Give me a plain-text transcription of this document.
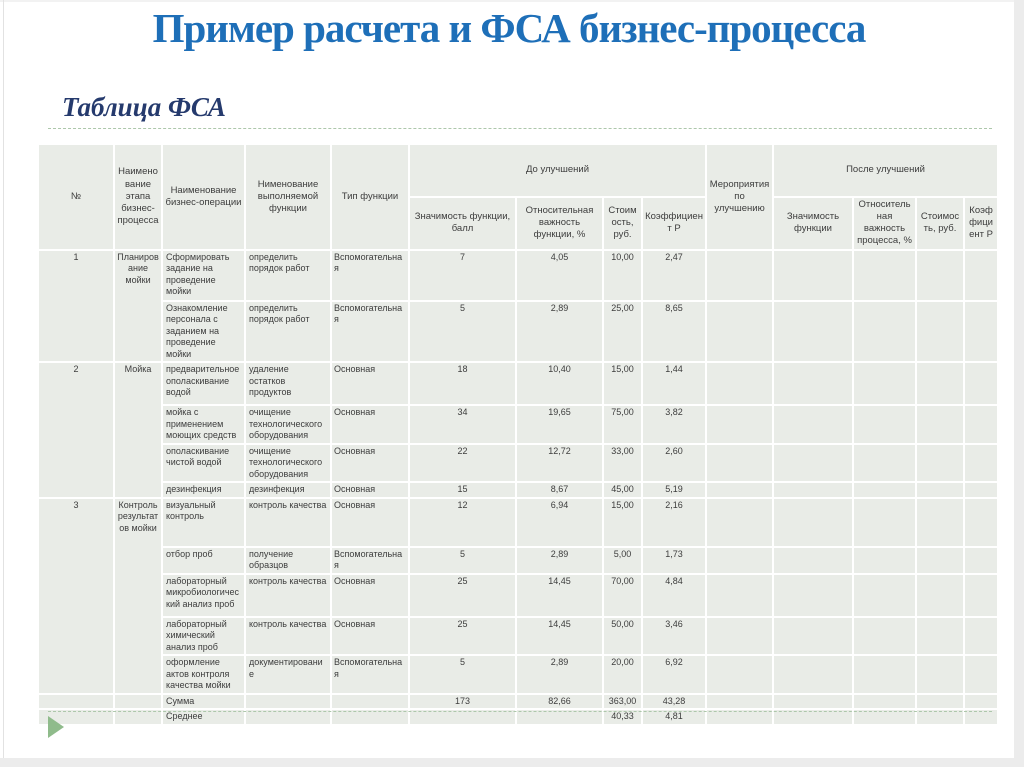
Пример расчета и ФСА бизнес-процесса
Таблица ФСА
№	Наименование этапа бизнес-процесса	Наименование бизнес-операции	Нименование выполняемой функции	Тип функции	До улучшений				Мероприятия по улучшению	После улучшений			
					Значимость функции, балл	Относительная важность функции, %	Стоимость, руб.	Коэффициент Р		Значимость функции	Относительная важность процесса, %	Стоимость, руб.	Коэффициент Р
1	Планирование мойки	Сформировать задание на проведение мойки	определить порядок работ	Вспомогательная	7	4,05	10,00	2,47					
		Ознакомление персонала с заданием на проведение мойки	определить порядок работ	Вспомогательная	5	2,89	25,00	8,65					
2	Мойка	предварительное ополаскивание водой	удаление остатков продуктов	Основная	18	10,40	15,00	1,44					
		мойка с применением моющих средств	очищение технологического оборудования	Основная	34	19,65	75,00	3,82					
		ополаскивание чистой водой	очищение технологического оборудования	Основная	22	12,72	33,00	2,60					
		дезинфекция	дезинфекция	Основная	15	8,67	45,00	5,19					
3	Контроль результатов мойки	визуальный контроль	контроль качества	Основная	12	6,94	15,00	2,16					
		отбор проб	получение образцов	Вспомогательная	5	2,89	5,00	1,73					
		лабораторный микробиологический анализ проб	контроль качества	Основная	25	14,45	70,00	4,84					
		лабораторный химический анализ проб	контроль качества	Основная	25	14,45	50,00	3,46					
		оформление актов контроля качества мойки	документирование	Вспомогательная	5	2,89	20,00	6,92					
		Сумма			173	82,66	363,00	43,28					
		Среднее					40,33	4,81					
